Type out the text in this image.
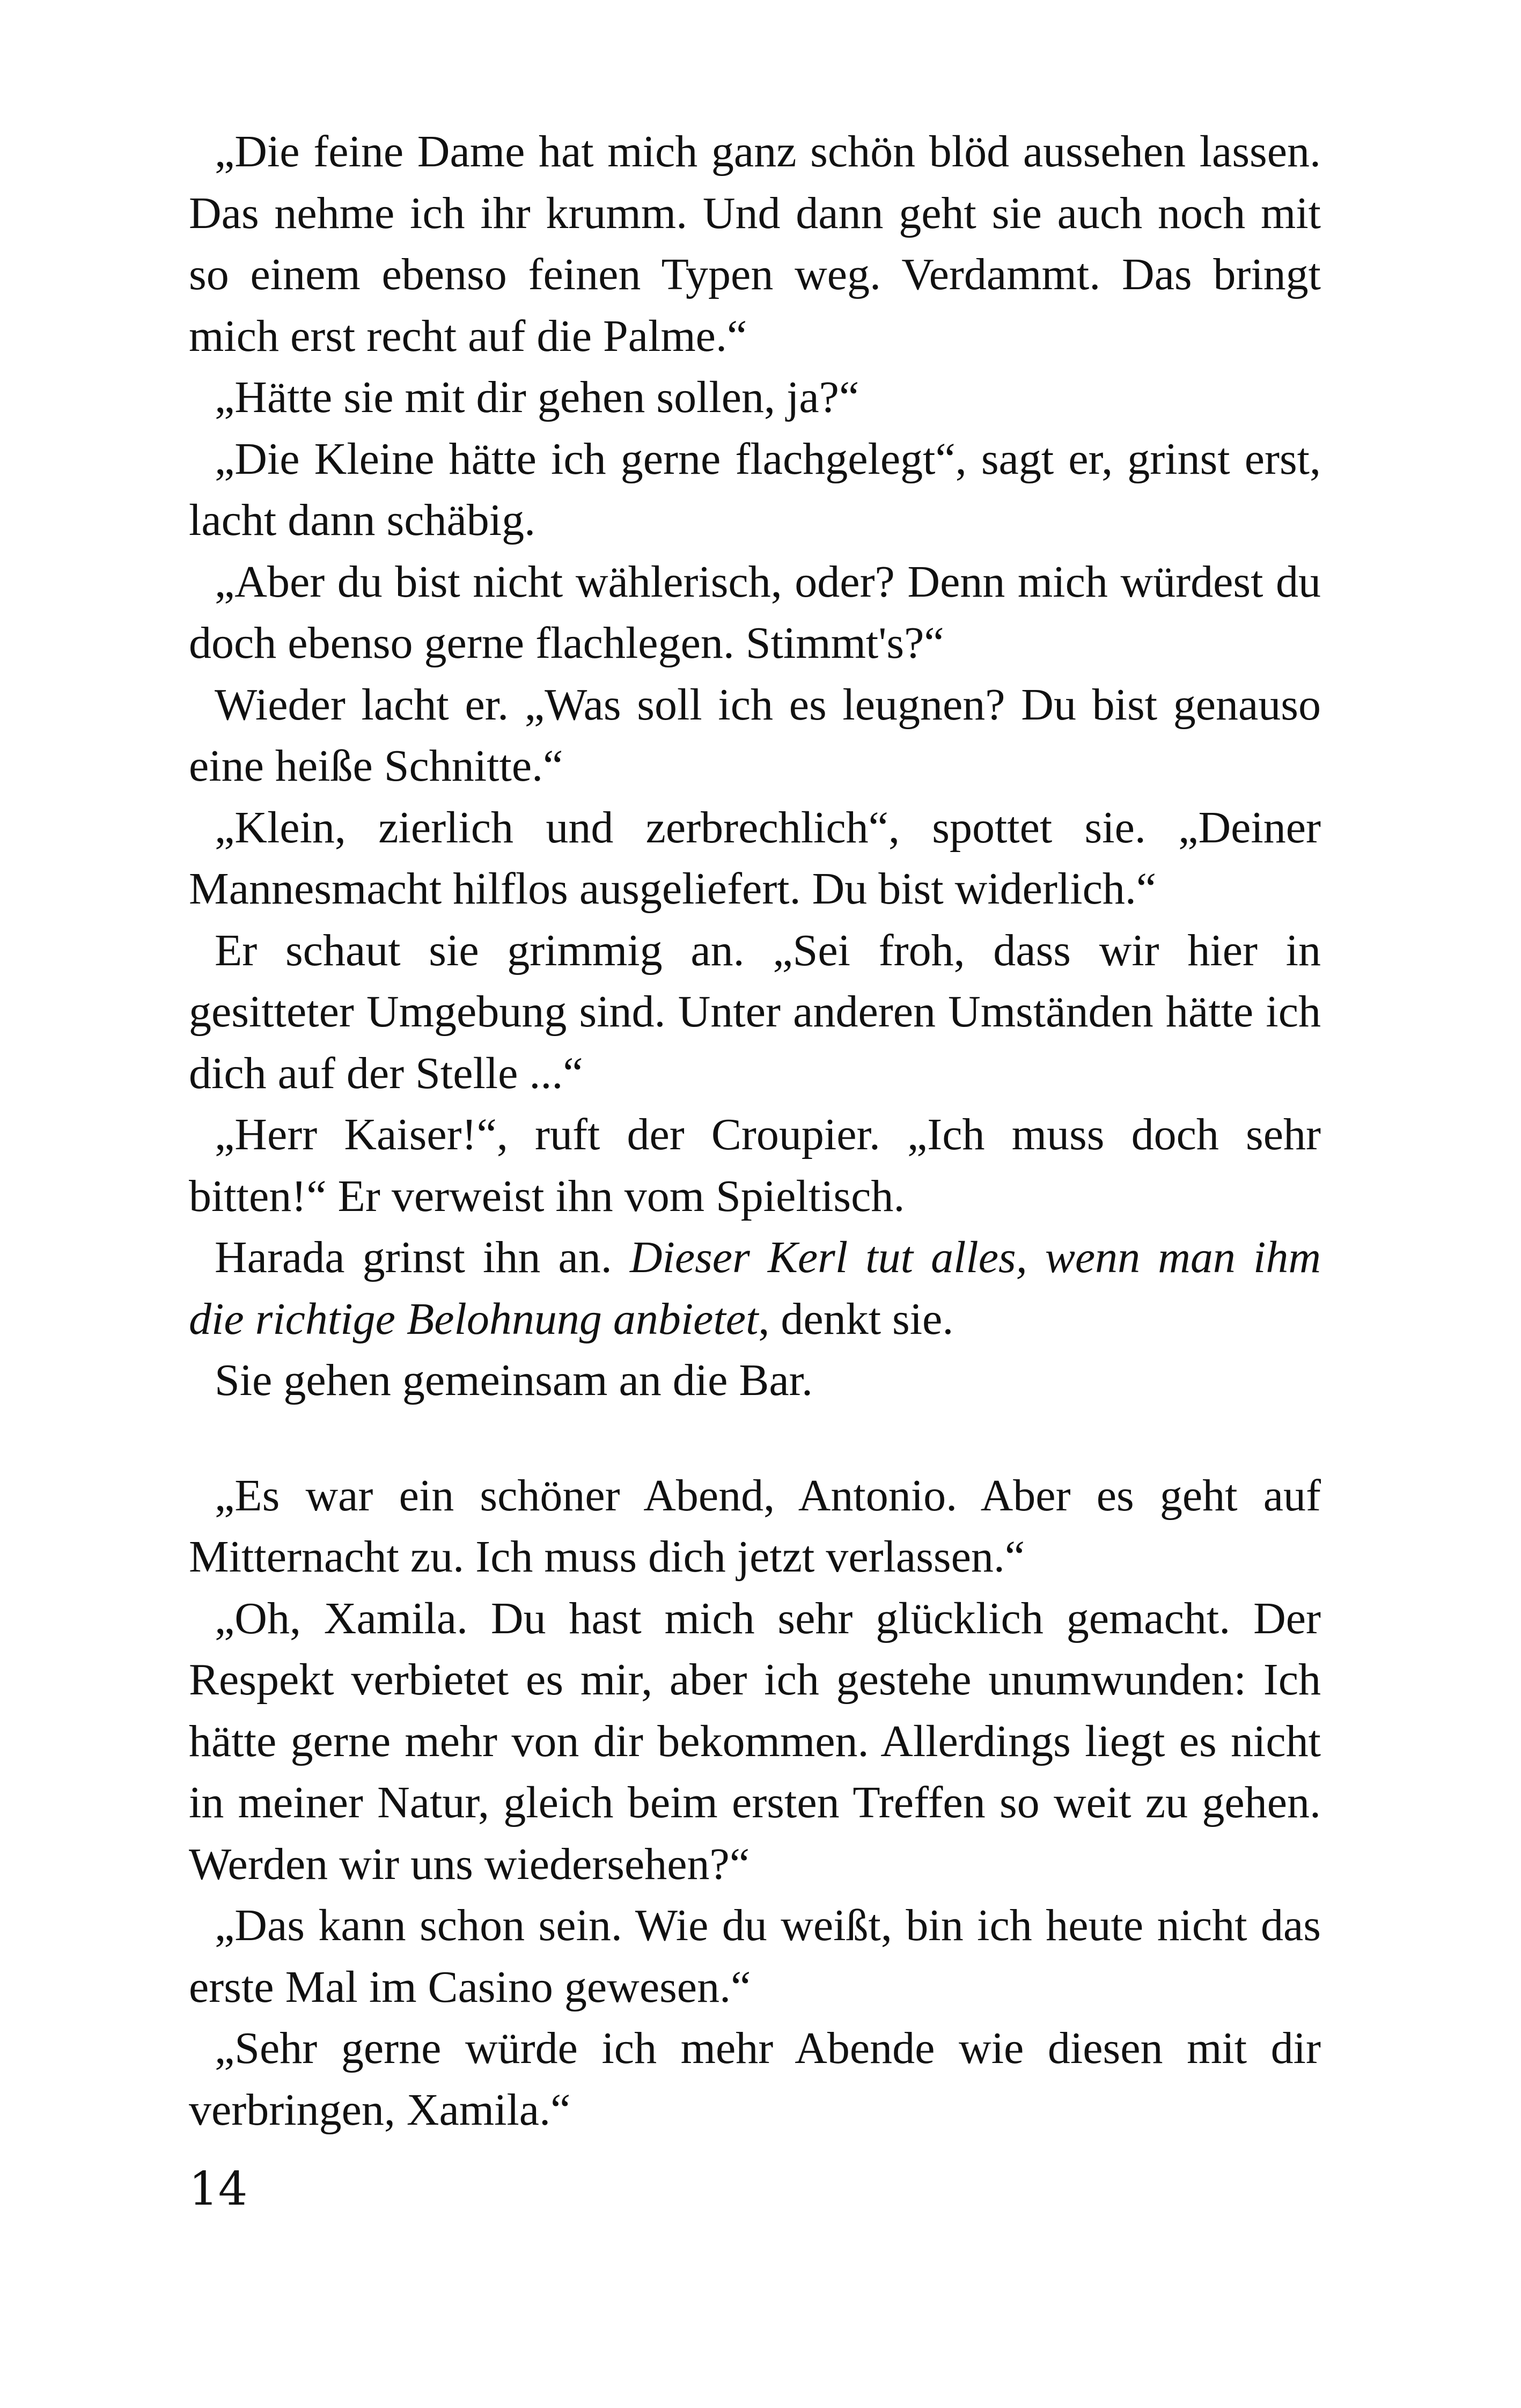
„Die feine Dame hat mich ganz schön blöd aussehen lassen. Das nehme ich ihr krumm. Und dann geht sie auch noch mit so einem ebenso feinen Typen weg. Verdammt. Das bringt mich erst recht auf die Palme.“

„Hätte sie mit dir gehen sollen, ja?“

„Die Kleine hätte ich gerne flachgelegt“, sagt er, grinst erst, lacht dann schäbig.

„Aber du bist nicht wählerisch, oder? Denn mich würdest du doch ebenso gerne flachlegen. Stimmt's?“

Wieder lacht er. „Was soll ich es leugnen? Du bist genauso eine heiße Schnitte.“

„Klein, zierlich und zerbrechlich“, spottet sie. „Deiner Mannesmacht hilflos ausgeliefert. Du bist widerlich.“

Er schaut sie grimmig an. „Sei froh, dass wir hier in gesitteter Umgebung sind. Unter anderen Umständen hätte ich dich auf der Stelle ...“

„Herr Kaiser!“, ruft der Croupier. „Ich muss doch sehr bitten!“ Er verweist ihn vom Spieltisch.

Harada grinst ihn an. Dieser Kerl tut alles, wenn man ihm die richtige Belohnung anbietet, denkt sie.

Sie gehen gemeinsam an die Bar.

„Es war ein schöner Abend, Antonio. Aber es geht auf Mitternacht zu. Ich muss dich jetzt verlassen.“

„Oh, Xamila. Du hast mich sehr glücklich gemacht. Der Respekt verbietet es mir, aber ich gestehe unumwunden: Ich hätte gerne mehr von dir bekommen. Allerdings liegt es nicht in meiner Natur, gleich beim ersten Treffen so weit zu gehen. Werden wir uns wiedersehen?“

„Das kann schon sein. Wie du weißt, bin ich heute nicht das erste Mal im Casino gewesen.“

„Sehr gerne würde ich mehr Abende wie diesen mit dir verbringen, Xamila.“

14
